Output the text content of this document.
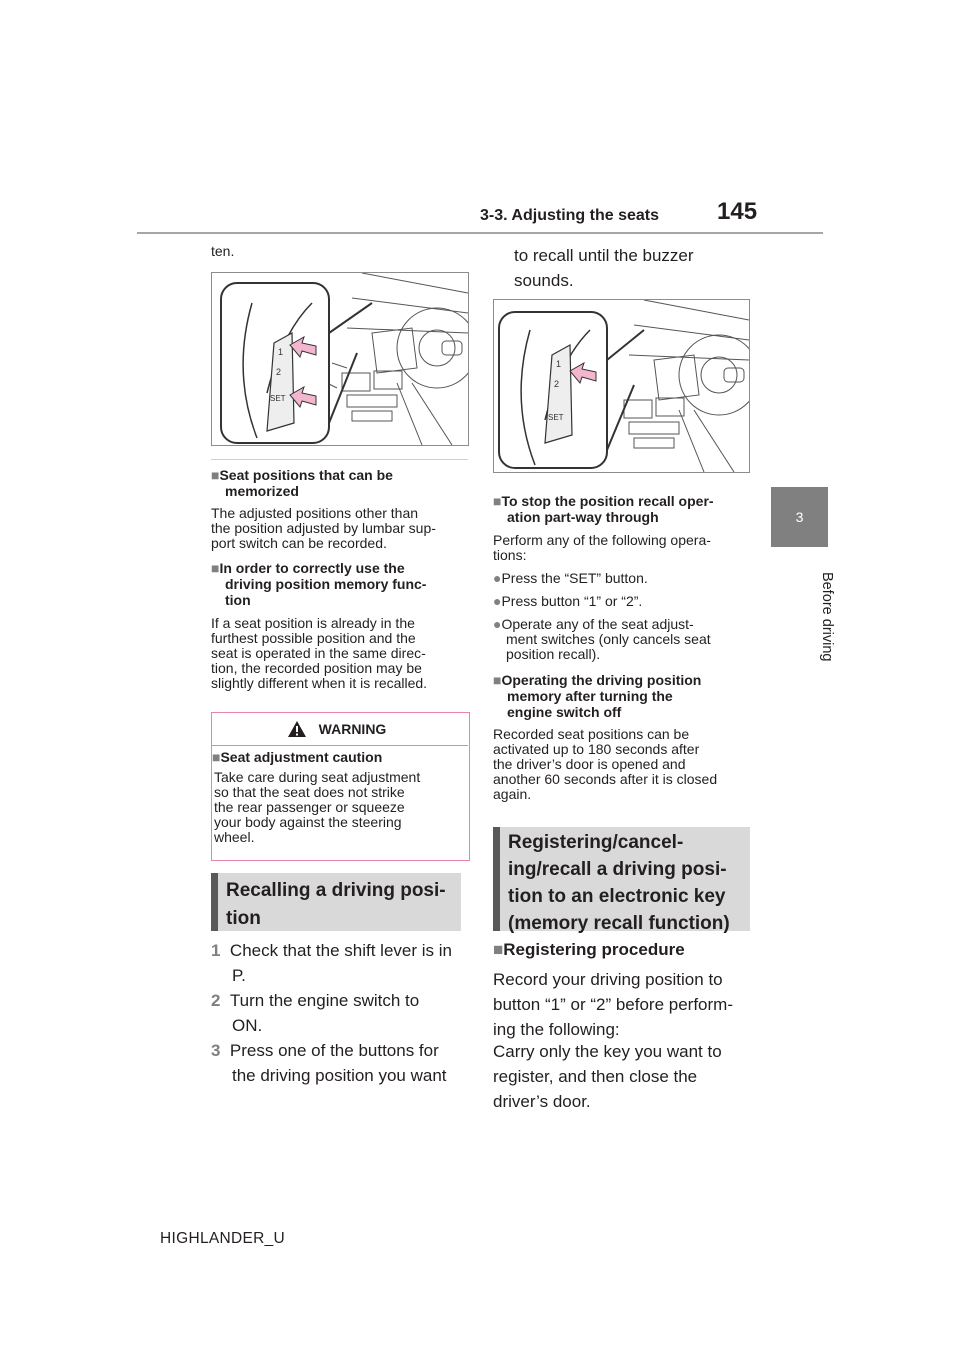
3-3. Adjusting the seats 145
3
Before driving
ten.
1
2
SET
■Seat positions that can be
memorized
The adjusted positions other than
the position adjusted by lumbar sup-
port switch can be recorded.
■In order to correctly use the
driving position memory func-
tion
If a seat position is already in the
furthest possible position and the
seat is operated in the same direc-
tion, the recorded position may be
slightly different when it is recalled.
WARNING
■Seat adjustment caution
Take care during seat adjustment
so that the seat does not strike
the rear passenger or squeeze
your body against the steering
wheel.
Recalling a driving posi-
tion
1 Check that the shift lever is in
P.
2 Turn the engine switch to
ON.
3 Press one of the buttons for
the driving position you want
to recall until the buzzer
sounds.
1
2
SET
■To stop the position recall oper-
ation part-way through
Perform any of the following opera-
tions:
●Press the “SET” button.
●Press button “1” or “2”.
●Operate any of the seat adjust-
ment switches (only cancels seat
position recall).
■Operating the driving position
memory after turning the
engine switch off
Recorded seat positions can be
activated up to 180 seconds after
the driver’s door is opened and
another 60 seconds after it is closed
again.
Registering/cancel-
ing/recall a driving posi-
tion to an electronic key
(memory recall function)
■Registering procedure
Record your driving position to
button “1” or “2” before perform-
ing the following:
Carry only the key you want to
register, and then close the
driver’s door.
HIGHLANDER_U
